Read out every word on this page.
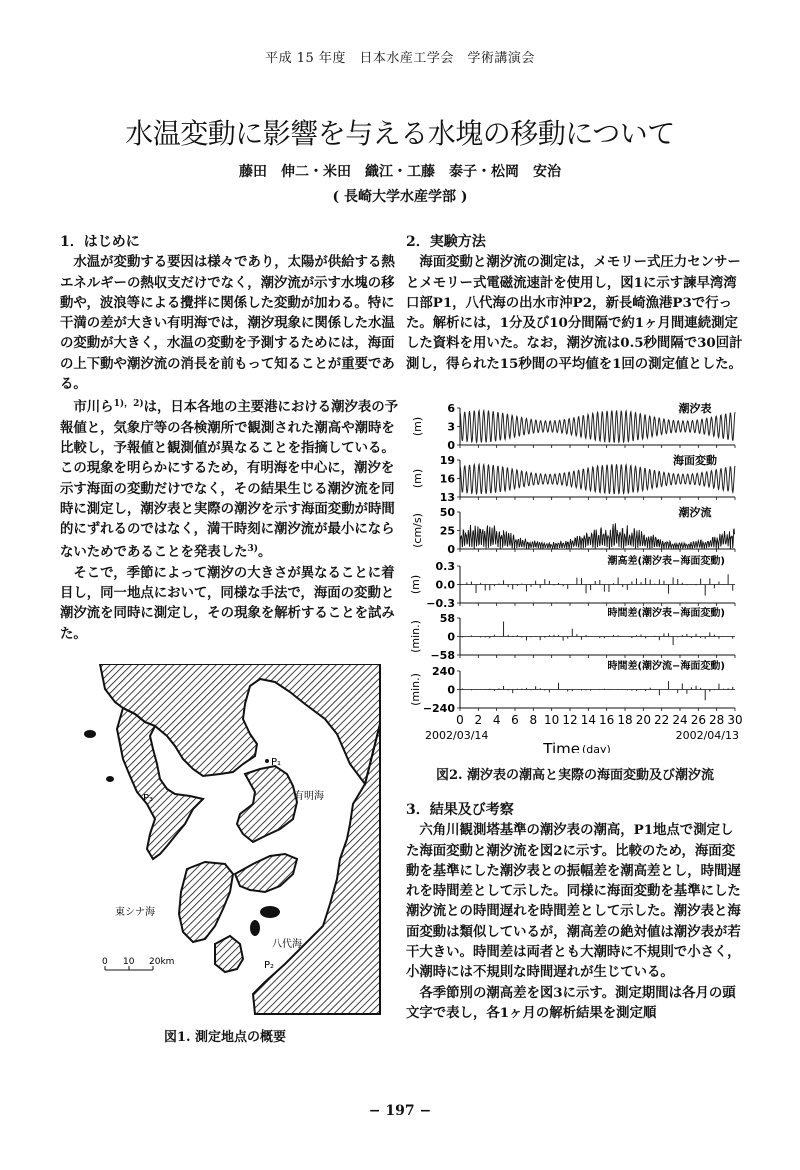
平成 15 年度　日本水産工学会　学術講演会
水温変動に影響を与える水塊の移動について
藤田　伸二・米田　織江・工藤　泰子・松岡　安治
( 長崎大学水産学部 )
1．はじめに

水温が変動する要因は様々であり，太陽が供給する熱エネルギーの熱収支だけでなく，潮汐流が示す水塊の移動や，波浪等による攪拌に関係した変動が加わる。特に干満の差が大きい有明海では，潮汐現象に関係した水温の変動が大きく，水温の変動を予測するためには，海面の上下動や潮汐流の消長を前もって知ることが重要である。

市川ら$^{1),2)}$は，日本各地の主要港における潮汐表の予報値と，気象庁等の各検潮所で観測された潮高や潮時を比較し，予報値と観測値が異なることを指摘している。この現象を明らかにするため，有明海を中心に，潮汐を示す海面の変動だけでなく，その結果生じる潮汐流を同時に測定し，潮汐表と実際の潮汐を示す海面変動が時間的にずれるのではなく，満干時刻に潮汐流が最小にならないためであることを発表した$^{3)}$。

そこで，季節によって潮汐の大きさが異なることに着目し，同一地点において，同様な手法で，海面の変動と潮汐流を同時に測定し，その現象を解析することを試みた。

P₁
P₃	有明海
八代海
P₂
東シナ海
0 10 20km
図1. 測定地点の概要
2．実験方法

海面変動と潮汐流の測定は，メモリー式圧力センサーとメモリー式電磁流速計を使用し，図1に示す諫早湾湾口部P1，八代海の出水市沖P2，新長崎漁港P3で行った。解析には，1分及び10分間隔で約1ヶ月間連続測定した資料を用いた。なお，潮汐流は0.5秒間隔で30回計測し，得られた15秒間の平均値を1回の測定値とした。

6
3
0
(m)
潮汐表
19
16
13
(m)
海面変動
50
25
0
(cm/s)
潮汐流
0.3
0.0
−0.3
(m)
潮高差(潮汐表−海面変動)
58
0
−58
(min.)
時間差(潮汐表−海面変動)
240
0
−240
(min.)
時間差(潮汐流−海面変動)
0 2 4 6 8 10 12 14 16 18 20 22 24 26 28 30
2002/03/14	2002/04/13
Time (day)
図2. 潮汐表の潮高と実際の海面変動及び潮汐流
3．結果及び考察

六角川観測塔基準の潮汐表の潮高，P1地点で測定した海面変動と潮汐流を図2に示す。比較のため，海面変動を基準にした潮汐表との振幅差を潮高差とし，時間遅れを時間差として示した。同様に海面変動を基準にした潮汐流との時間遅れを時間差として示した。潮汐表と海面変動は類似しているが，潮高差の絶対値は潮汐表が若干大きい。時間差は両者とも大潮時に不規則で小さく，小潮時には不規則な時間遅れが生じている。

各季節別の潮高差を図3に示す。測定期間は各月の頭文字で表し，各1ヶ月の解析結果を測定順

− 197 −
